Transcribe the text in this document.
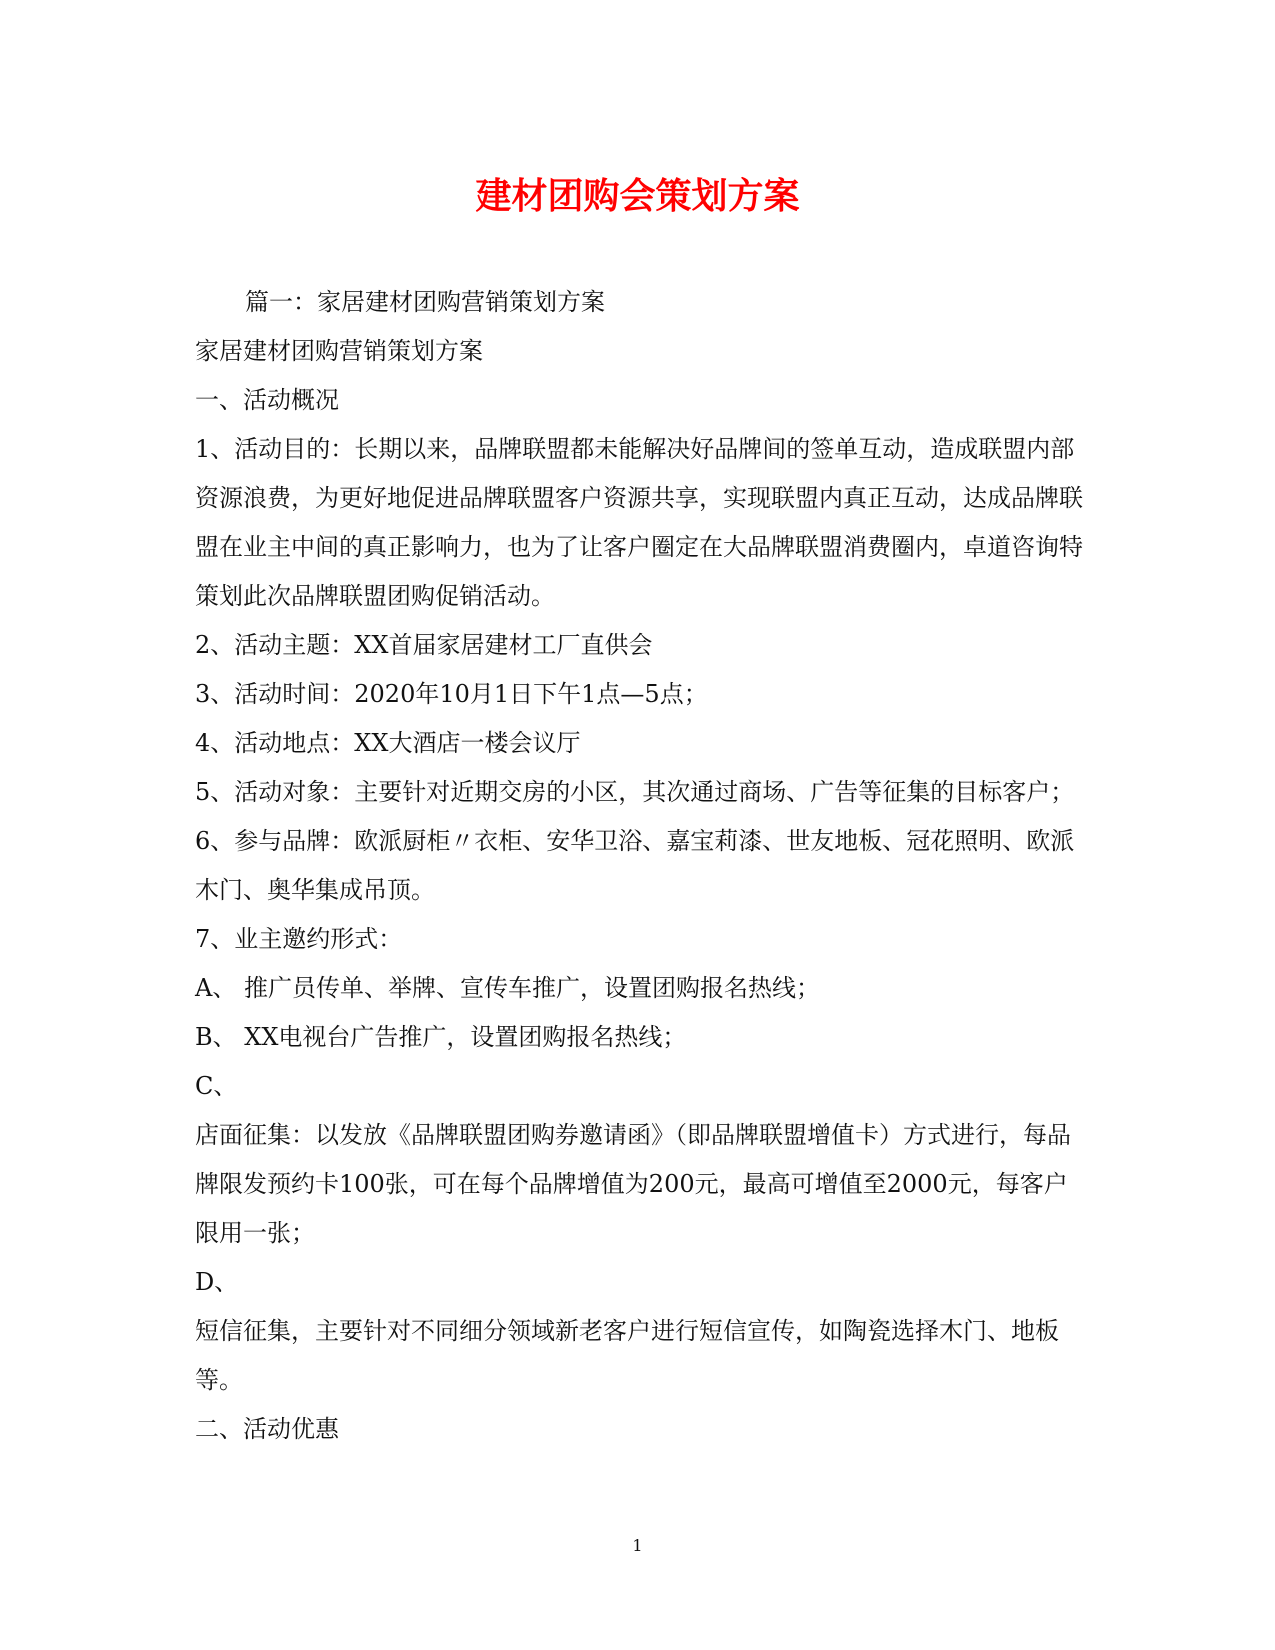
建材团购会策划方案

篇一：家居建材团购营销策划方案

家居建材团购营销策划方案

一、活动概况

1、活动目的：长期以来，品牌联盟都未能解决好品牌间的签单互动，造成联盟内部资源浪费，为更好地促进品牌联盟客户资源共享，实现联盟内真正互动，达成品牌联盟在业主中间的真正影响力，也为了让客户圈定在大品牌联盟消费圈内，卓道咨询特策划此次品牌联盟团购促销活动。

2、活动主题：XX首届家居建材工厂直供会

3、活动时间：2020年10月1日下午1点—5点；

4、活动地点：XX大酒店一楼会议厅

5、活动对象：主要针对近期交房的小区，其次通过商场、广告等征集的目标客户；

6、参与品牌：欧派厨柜〃衣柜、安华卫浴、嘉宝莉漆、世友地板、冠花照明、欧派木门、奥华集成吊顶。

7、业主邀约形式：

A、 推广员传单、举牌、宣传车推广，设置团购报名热线；

B、 XX电视台广告推广，设置团购报名热线；

C、

店面征集：以发放《品牌联盟团购券邀请函》（即品牌联盟增值卡）方式进行，每品牌限发预约卡100张，可在每个品牌增值为200元，最高可增值至2000元，每客户限用一张；

D、

短信征集，主要针对不同细分领域新老客户进行短信宣传，如陶瓷选择木门、地板等。

二、活动优惠

1
